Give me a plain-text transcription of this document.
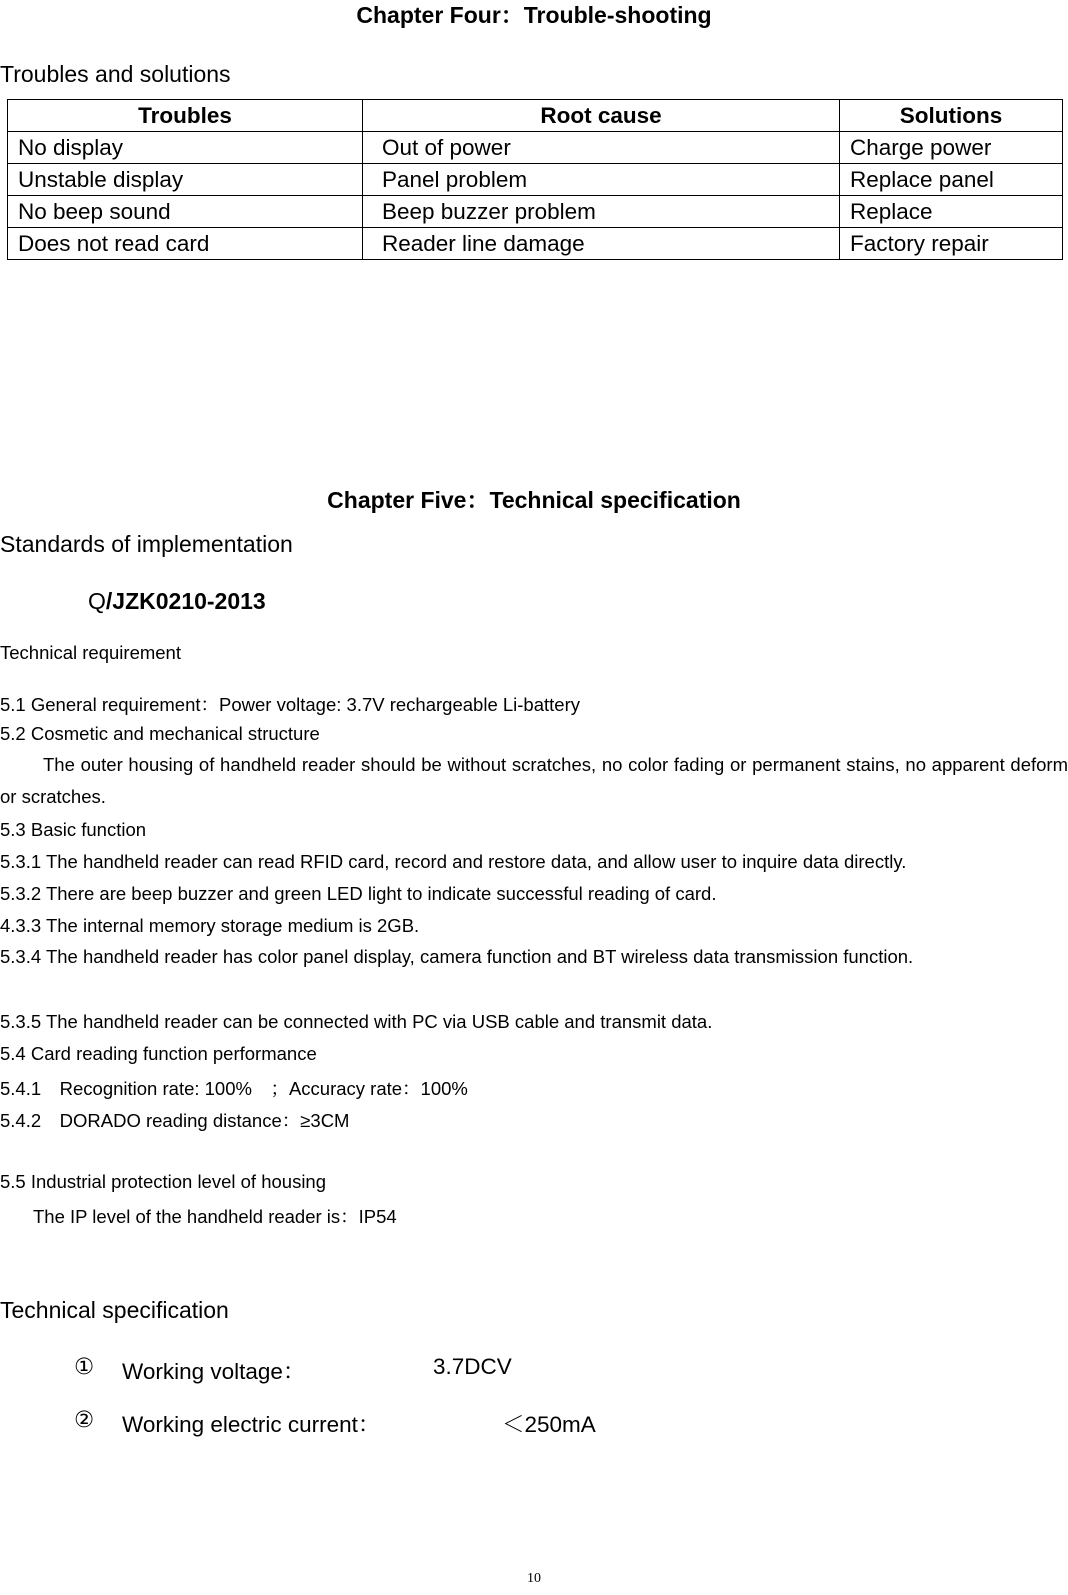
Chapter Four：Trouble-shooting
Troubles and solutions
Troubles	Root cause	Solutions
No display	Out of power	Charge power
Unstable display	Panel problem	Replace panel
No beep sound	Beep buzzer problem	Replace
Does not read card	Reader line damage	Factory repair
Chapter Five：Technical specification
Standards of implementation
Q/JZK0210-2013
Technical requirement
5.1 General requirement：Power voltage: 3.7V rechargeable Li-battery
5.2 Cosmetic and mechanical structure
The outer housing of handheld reader should be without scratches, no color fading or permanent stains, no apparent deform or scratches.
5.3 Basic function
5.3.1 The handheld reader can read RFID card, record and restore data, and allow user to inquire data directly.
5.3.2 There are beep buzzer and green LED light to indicate successful reading of card.
4.3.3 The internal memory storage medium is 2GB.
5.3.4 The handheld reader has color panel display, camera function and BT wireless data transmission function.
5.3.5 The handheld reader can be connected with PC via USB cable and transmit data.
5.4 Card reading function performance
5.4.1　Recognition rate: 100%　；Accuracy rate：100%
5.4.2　DORADO reading distance：≥3CM
5.5 Industrial protection level of housing
The IP level of the handheld reader is：IP54
Technical specification
① Working voltage：	3.7DCV
② Working electric current：	＜250mA
10
